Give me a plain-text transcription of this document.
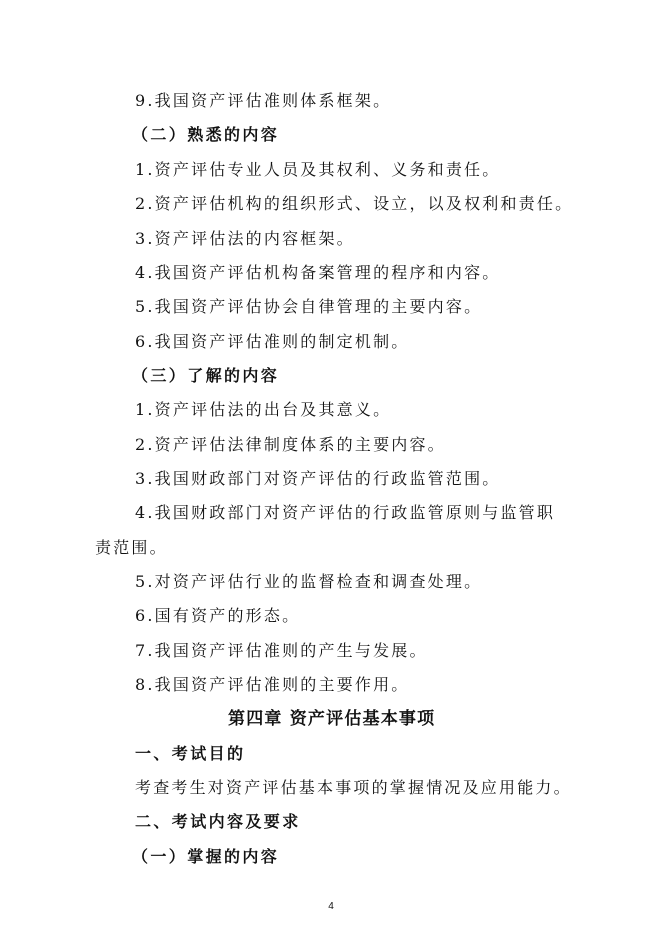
9.我国资产评估准则体系框架。
（二）熟悉的内容
1.资产评估专业人员及其权利、义务和责任。
2.资产评估机构的组织形式、设立，以及权利和责任。
3.资产评估法的内容框架。
4.我国资产评估机构备案管理的程序和内容。
5.我国资产评估协会自律管理的主要内容。
6.我国资产评估准则的制定机制。
（三）了解的内容
1.资产评估法的出台及其意义。
2.资产评估法律制度体系的主要内容。
3.我国财政部门对资产评估的行政监管范围。
4.我国财政部门对资产评估的行政监管原则与监管职
责范围。
5.对资产评估行业的监督检查和调查处理。
6.国有资产的形态。
7.我国资产评估准则的产生与发展。
8.我国资产评估准则的主要作用。
第四章 资产评估基本事项
一、考试目的
考查考生对资产评估基本事项的掌握情况及应用能力。
二、考试内容及要求
（一）掌握的内容
4
